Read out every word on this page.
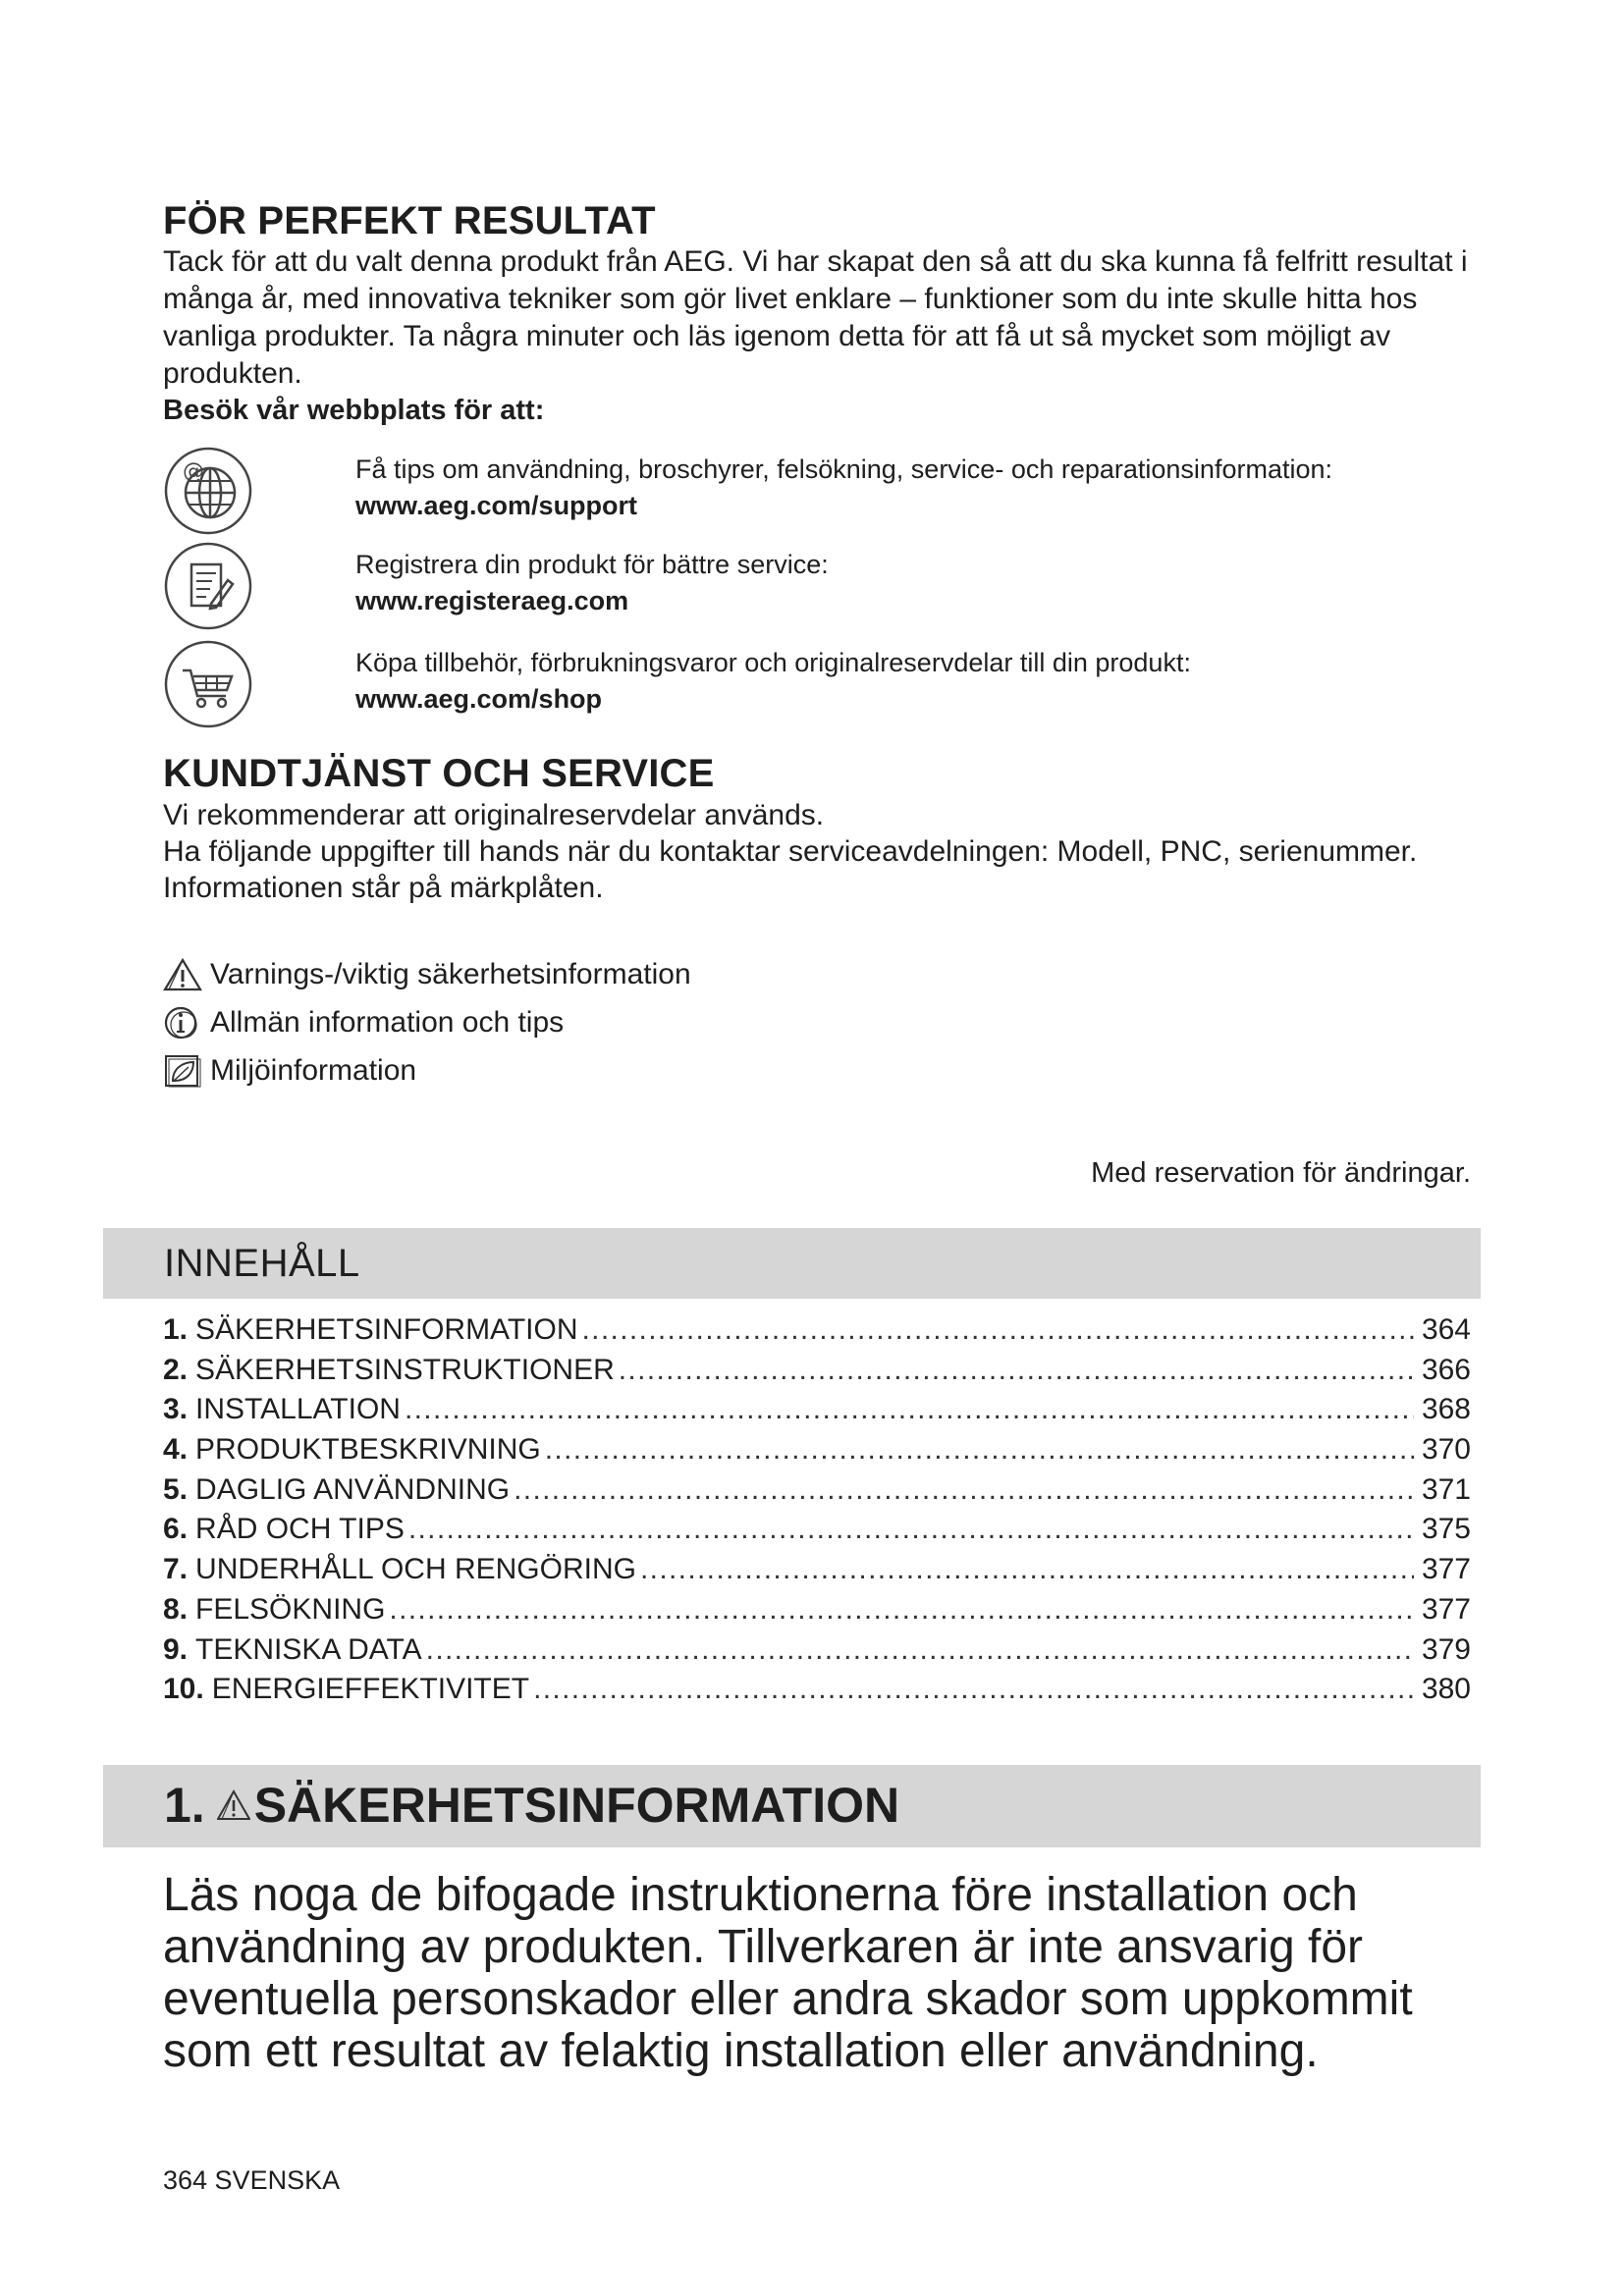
FÖR PERFEKT RESULTAT

Tack för att du valt denna produkt från AEG. Vi har skapat den så att du ska kunna få felfritt resultat i många år, med innovativa tekniker som gör livet enklare – funktioner som du inte skulle hitta hos vanliga produkter. Ta några minuter och läs igenom detta för att få ut så mycket som möjligt av produkten.

Besök vår webbplats för att:

@	Få tips om användning, broschyrer, felsökning, service- och reparationsinformation:

www.aeg.com/support

Registrera din produkt för bättre service:

www.registeraeg.com

Köpa tillbehör, förbrukningsvaror och originalreservdelar till din produkt:

www.aeg.com/shop

KUNDTJÄNST OCH SERVICE
Vi rekommenderar att originalreservdelar används.
Ha följande uppgifter till hands när du kontaktar serviceavdelningen: Modell, PNC, serienummer.
Informationen står på märkplåten.
Varnings-/viktig säkerhetsinformation
Allmän information och tips
Miljöinformation

Med reservation för ändringar.

INNEHÅLL
1. SÄKERHETSINFORMATION . . .	364
2. SÄKERHETSINSTRUKTIONER . . .	366
3. INSTALLATION . . .	368
4. PRODUKTBESKRIVNING . . .	370
5. DAGLIG ANVÄNDNING . . .	371
6. RÅD OCH TIPS . . .	375
7. UNDERHÅLL OCH RENGÖRING . . .	377
8. FELSÖKNING . . .	377
9. TEKNISKA DATA . . .	379
10. ENERGIEFFEKTIVITET . . .	380
1. SÄKERHETSINFORMATION

Läs noga de bifogade instruktionerna före installation och användning av produkten. Tillverkaren är inte ansvarig för eventuella personskador eller andra skador som uppkommit som ett resultat av felaktig installation eller användning.

364 SVENSKA
